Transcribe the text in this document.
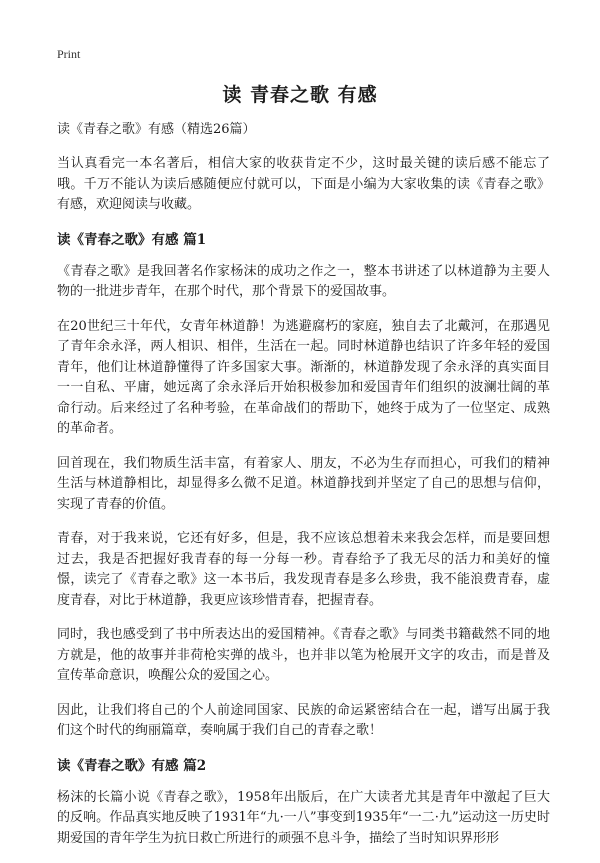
Print
读 青春之歌 有感
读《青春之歌》有感（精选26篇）

当认真看完一本名著后，相信大家的收获肯定不少，这时最关键的读后感不能忘了哦。千万不能认为读后感随便应付就可以，下面是小编为大家收集的读《青春之歌》有感，欢迎阅读与收藏。

读《青春之歌》有感 篇1

《青春之歌》是我回著名作家杨沫的成功之作之一，整本书讲述了以林道静为主要人物的一批进步青年，在那个时代，那个背景下的爱国故事。

在20世纪三十年代，女青年林道静！为逃避腐朽的家庭，独自去了北戴河，在那遇见了青年余永泽，两人相识、相伴，生活在一起。同时林道静也结识了许多年轻的爱国青年，他们让林道静懂得了许多国家大事。渐渐的，林道静发现了余永泽的真实面目一一自私、平庸，她远离了余永泽后开始积极参加和爱国青年们组织的波澜壮阔的革命行动。后来经过了名种考验，在革命战们的帮助下，她终于成为了一位坚定、成熟的革命者。

回首现在，我们物质生活丰富，有着家人、朋友，不必为生存而担心，可我们的精神生活与林道静相比，却显得多么微不足道。林道静找到并坚定了自己的思想与信仰，实现了青春的价值。

青春，对于我来说，它还有好多，但是，我不应该总想着未来我会怎样，而是要回想过去，我是否把握好我青春的每一分每一秒。青春给予了我无尽的活力和美好的憧憬，读完了《青春之歌》这一本书后，我发现青春是多么珍贵，我不能浪费青春，虚度青春，对比于林道静，我更应该珍惜青春，把握青春。

同时，我也感受到了书中所表达出的爱国精神。《青春之歌》与同类书籍截然不同的地方就是，他的故事并非荷枪实弹的战斗，也并非以笔为枪展开文字的攻击，而是普及宣传革命意识，唤醒公众的爱国之心。

因此，让我们将自己的个人前途同国家、民族的命运紧密结合在一起，谱写出属于我们这个时代的绚丽篇章，奏响属于我们自己的青春之歌！

读《青春之歌》有感 篇2

杨沫的长篇小说《青春之歌》，1958年出版后，在广大读者尤其是青年中激起了巨大的反响。作品真实地反映了1931年“九·一八”事变到1935年“一二·九”运动这一历史时期爱国的青年学生为抗日救亡所进行的顽强不息斗争，描绘了当时知识界形形
